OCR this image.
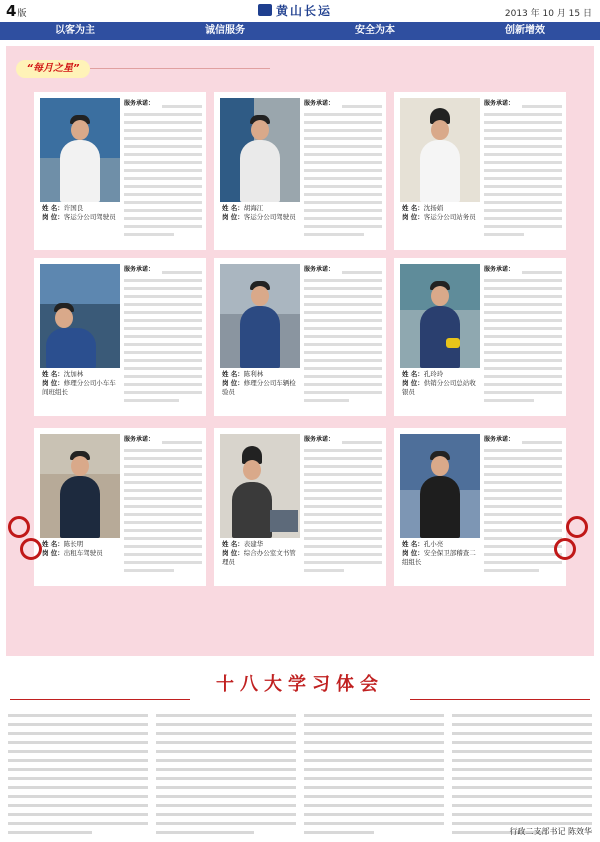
4版	黄山长运	2013 年 10 月 15 日
以客为主	诚信服务	安全为本	创新增效
“每月之星”
服务承诺：
姓 名：许国良
岗 位：客运分公司驾驶员
服务承诺：
姓 名：胡海江
岗 位：客运分公司驾驶员
服务承诺：
姓 名：沈扬娟
岗 位：客运分公司站务员
服务承诺：
姓 名：沈加林
岗 位：修理分公司小车车间班组长
服务承诺：
姓 名：陈利林
岗 位：修理分公司车辆检验员
服务承诺：
姓 名：孔玲玲
岗 位：供销分公司总站收银员
服务承诺：
姓 名：陈长明
岗 位：出租车驾驶员
服务承诺：
姓 名：表建华
岗 位：综合办公室文书管理员
服务承诺：
姓 名：孔小亮
岗 位：安全保卫部稽查二组组长
十八大学习体会
行政二支部书记 陈效华
